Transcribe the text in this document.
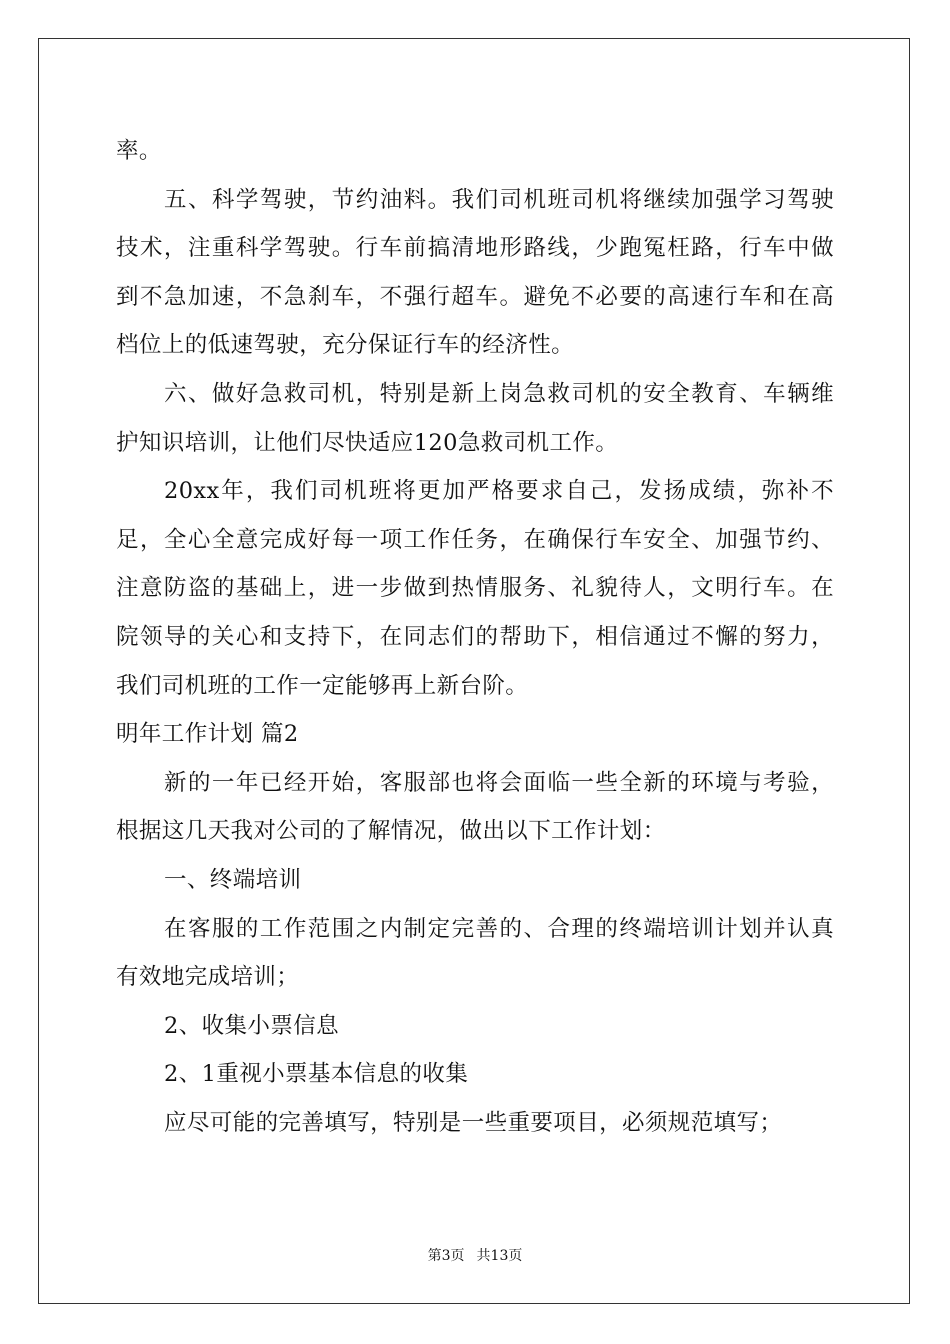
率。
五、科学驾驶，节约油料。我们司机班司机将继续加强学习驾驶
技术，注重科学驾驶。行车前搞清地形路线，少跑冤枉路，行车中做
到不急加速，不急刹车，不强行超车。避免不必要的高速行车和在高
档位上的低速驾驶，充分保证行车的经济性。
六、做好急救司机，特别是新上岗急救司机的安全教育、车辆维
护知识培训，让他们尽快适应120急救司机工作。
20xx年，我们司机班将更加严格要求自己，发扬成绩，弥补不
足，全心全意完成好每一项工作任务，在确保行车安全、加强节约、
注意防盗的基础上，进一步做到热情服务、礼貌待人，文明行车。在
院领导的关心和支持下，在同志们的帮助下，相信通过不懈的努力，
我们司机班的工作一定能够再上新台阶。
明年工作计划 篇2
新的一年已经开始，客服部也将会面临一些全新的环境与考验，
根据这几天我对公司的了解情况，做出以下工作计划：
一、终端培训
在客服的工作范围之内制定完善的、合理的终端培训计划并认真
有效地完成培训；
2、收集小票信息
2、1重视小票基本信息的收集
应尽可能的完善填写，特别是一些重要项目，必须规范填写；
第3页 共13页
